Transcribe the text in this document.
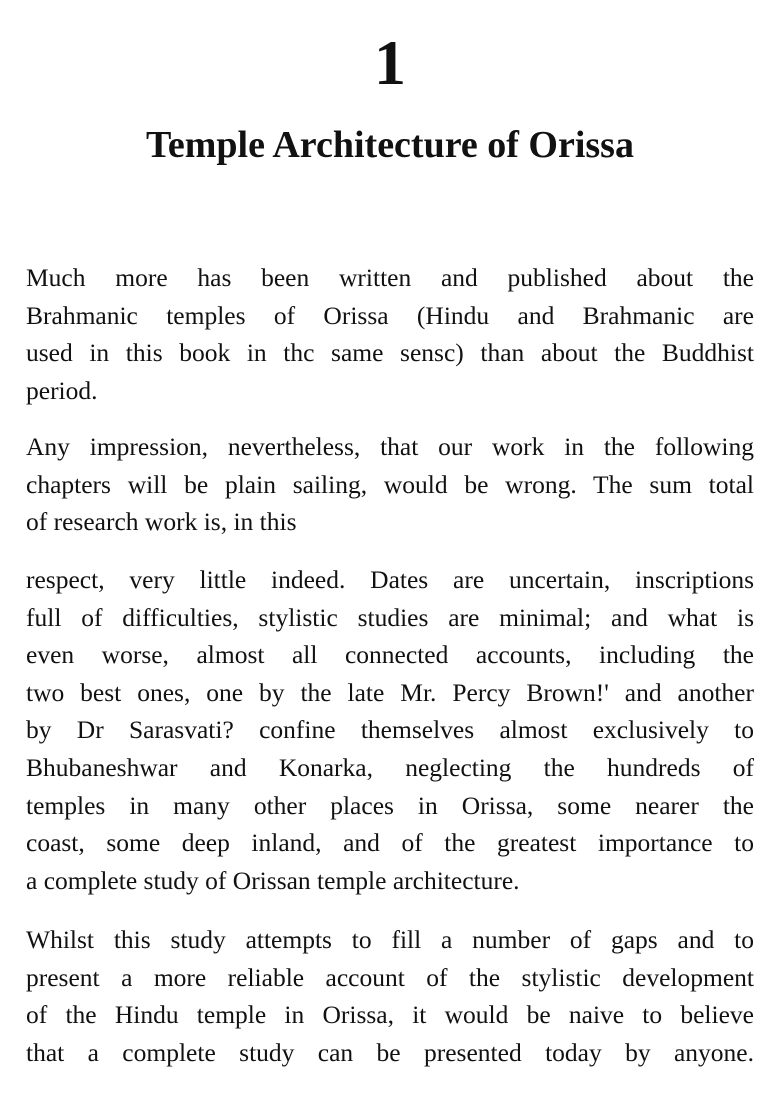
1
Temple Architecture of Orissa
Much more has been written and published about the
Brahmanic temples of Orissa (Hindu and Brahmanic are
used in this book in thc same sensc) than about the Buddhist
period.
Any impression, nevertheless, that our work in the following
chapters will be plain sailing, would be wrong. The sum total
of research work is, in this
respect, very little indeed. Dates are uncertain, inscriptions
full of difficulties, stylistic studies are minimal; and what is
even worse, almost all connected accounts, including the
two best ones, one by the late Mr. Percy Brown!' and another
by Dr Sarasvati? confine themselves almost exclusively to
Bhubaneshwar and Konarka, neglecting the hundreds of
temples in many other places in Orissa, some nearer the
coast, some deep inland, and of the greatest importance to
a complete study of Orissan temple architecture.
Whilst this study attempts to fill a number of gaps and to
present a more reliable account of the stylistic development
of the Hindu temple in Orissa, it would be naive to believe
that a complete study can be presented today by anyone.
